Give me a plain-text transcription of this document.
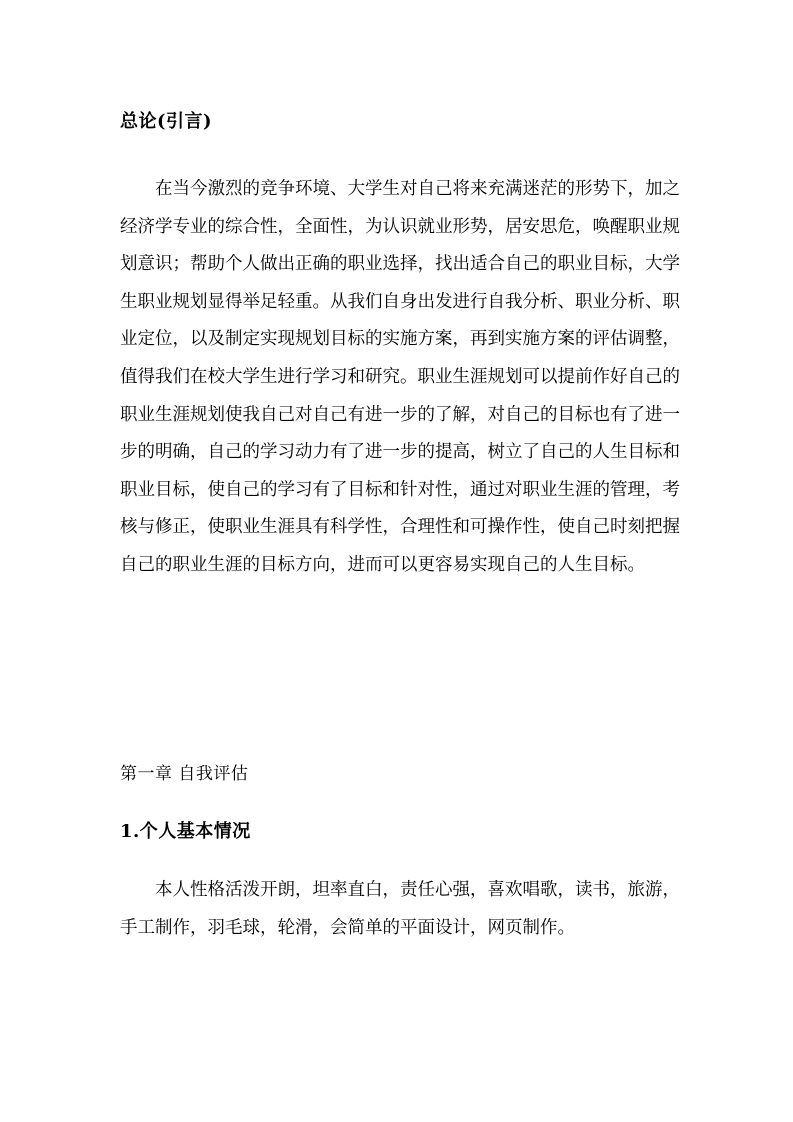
总论(引言)

在当今激烈的竞争环境、大学生对自己将来充满迷茫的形势下，加之经济学专业的综合性，全面性，为认识就业形势，居安思危，唤醒职业规划意识；帮助个人做出正确的职业选择，找出适合自己的职业目标，大学生职业规划显得举足轻重。从我们自身出发进行自我分析、职业分析、职业定位，以及制定实现规划目标的实施方案，再到实施方案的评估调整，值得我们在校大学生进行学习和研究。职业生涯规划可以提前作好自己的职业生涯规划使我自己对自己有进一步的了解，对自己的目标也有了进一步的明确，自己的学习动力有了进一步的提高，树立了自己的人生目标和职业目标，使自己的学习有了目标和针对性，通过对职业生涯的管理，考核与修正，使职业生涯具有科学性，合理性和可操作性，使自己时刻把握自己的职业生涯的目标方向，进而可以更容易实现自己的人生目标。

第一章 自我评估
1.个人基本情况

本人性格活泼开朗，坦率直白，责任心强，喜欢唱歌，读书，旅游，手工制作，羽毛球，轮滑，会简单的平面设计，网页制作。
